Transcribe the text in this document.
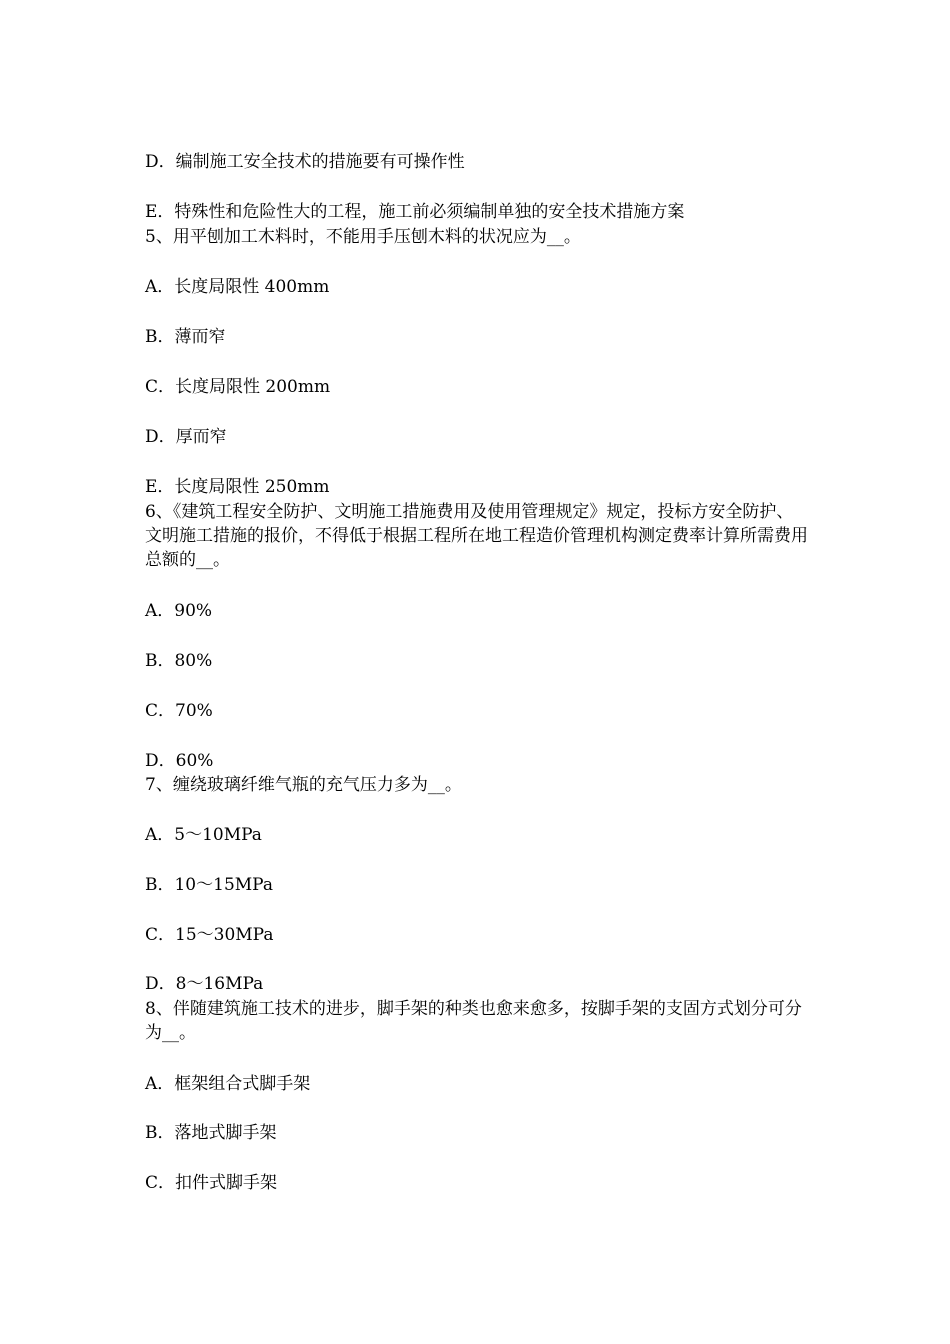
D．编制施工安全技术的措施要有可操作性
E．特殊性和危险性大的工程，施工前必须编制单独的安全技术措施方案
5、用平刨加工木料时，不能用手压刨木料的状况应为__。
A．长度局限性 400mm
B．薄而窄
C．长度局限性 200mm
D．厚而窄
E．长度局限性 250mm
6、《建筑工程安全防护、文明施工措施费用及使用管理规定》规定，投标方安全防护、文明施工措施的报价，不得低于根据工程所在地工程造价管理机构测定费率计算所需费用总额的__。
A．90%
B．80%
C．70%
D．60%
7、缠绕玻璃纤维气瓶的充气压力多为__。
A．5～10MPa
B．10～15MPa
C．15～30MPa
D．8～16MPa
8、伴随建筑施工技术的进步，脚手架的种类也愈来愈多，按脚手架的支固方式划分可分为__。
A．框架组合式脚手架
B．落地式脚手架
C．扣件式脚手架
